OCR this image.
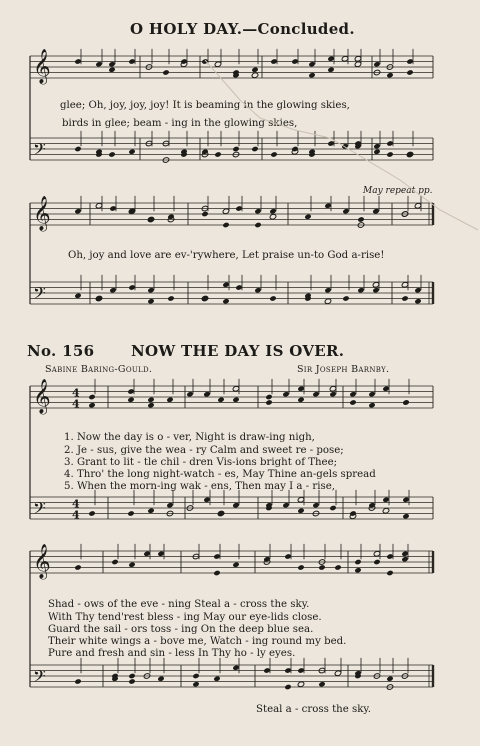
O HOLY DAY.—Concluded.
glee; Oh, joy, joy, joy! It is beaming in the glowing skies,
birds in glee; beam - ing in the glowing skies,
May repeat pp.
Oh, joy and love are ev-'rywhere, Let praise un-to God a-rise!
No. 156 NOW THE DAY IS OVER.
Sabine Baring-Gould.	Sir Joseph Barnby.
1. Now the day is o - ver, Night is draw-ing nigh,
2. Je - sus, give the wea - ry Calm and sweet re - pose;
3. Grant to lit - tle chil - dren Vis-ions bright of Thee;
4. Thro' the long night-watch - es, May Thine an-gels spread
5. When the morn-ing wak - ens, Then may I a - rise,
Shad - ows of the eve - ning Steal a - cross the sky.
With Thy tend'rest bless - ing May our eye-lids close.
Guard the sail - ors toss - ing On the deep blue sea.
Their white wings a - bove me, Watch - ing round my bed.
Pure and fresh and sin - less In Thy ho - ly eyes.
Steal a - cross the sky.
𝄞
𝄢
𝄞
𝄢
𝄞 4
4
𝄢 4
4
𝄞
𝄢
